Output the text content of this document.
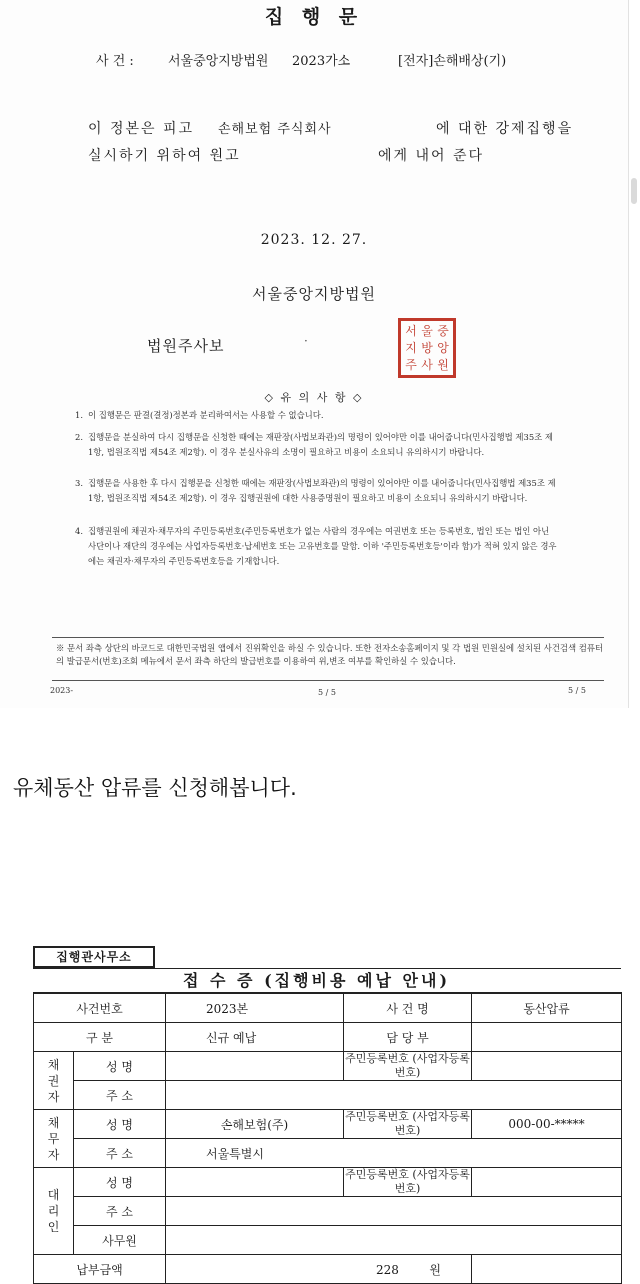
집 행 문
사 건 :	서울중앙지방법원 2023가소	[전자]손해배상(기)
이 정본은 피고 손해보험 주식회사	에 대한 강제집행을
실시하기 위하여 원고	에게 내어 준다
2023. 12. 27.
서울중앙지방법원
법원주사보	·
서 울 중
지 방 앙
주 사 원
◇ 유 의 사 항 ◇
1. 이 집행문은 판결(결정)정본과 분리하여서는 사용할 수 없습니다.
2. 집행문을 분실하여 다시 집행문을 신청한 때에는 재판장(사법보좌관)의 명령이 있어야만 이를 내어줍니다(민사집행법 제35조 제1항, 법원조직법 제54조 제2항). 이 경우 분실사유의 소명이 필요하고 비용이 소요되니 유의하시기 바랍니다.
3. 집행문을 사용한 후 다시 집행문을 신청한 때에는 재판장(사법보좌관)의 명령이 있어야만 이를 내어줍니다(민사집행법 제35조 제1항, 법원조직법 제54조 제2항). 이 경우 집행권원에 대한 사용증명원이 필요하고 비용이 소요되니 유의하시기 바랍니다.
4. 집행권원에 채권자·채무자의 주민등록번호(주민등록번호가 없는 사람의 경우에는 여권번호 또는 등록번호, 법인 또는 법인 아닌 사단이나 재단의 경우에는 사업자등록번호·납세번호 또는 고유번호를 말함. 이하 '주민등록번호등'이라 함)가 적혀 있지 않은 경우에는 채권자·채무자의 주민등록번호등을 기재합니다.
※ 문서 좌측 상단의 바코드로 대한민국법원 앱에서 진위확인을 하실 수 있습니다. 또한 전자소송홈페이지 및 각 법원 민원실에 설치된 사건검색 컴퓨터의 발급문서(번호)조회 메뉴에서 문서 좌측 하단의 발급번호를 이용하여 위,변조 여부를 확인하실 수 있습니다.
2023-	5 / 5	5 / 5
유체동산 압류를 신청해봅니다.
집행관사무소
접 수 증 (집행비용 예납 안내)
사건번호		2023본	사 건 명	동산압류
구 분		신규 예납	담 당 부	
채
권
자	성 명		주민등록번호 (사업자등록번호)	
	주 소			
채
무
자	성 명	손해보험(주)	주민등록번호 (사업자등록번호)	000-00-*****
	주 소	서울특별시		
대
리
인	성 명		주민등록번호 (사업자등록번호)	
	주 소			
	사무원			
납부금액		228 원		
